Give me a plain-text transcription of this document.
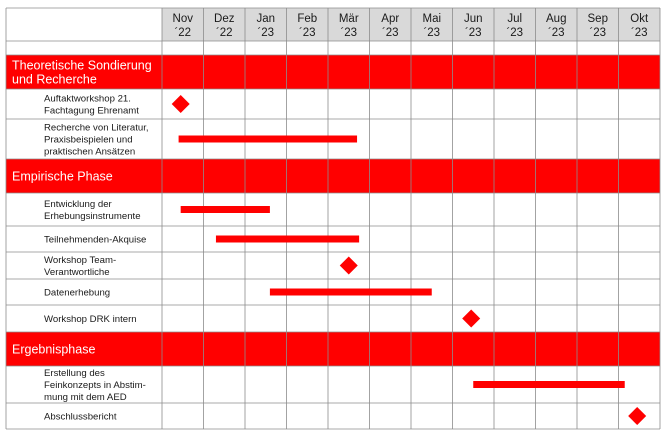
Nov
´22
Dez
´22
Jan
´23
Feb
´23
Mär
´23
Apr
´23
Mai
´23
Jun
´23
Jul
´23
Aug
´23
Sep
´23
Okt
´23
Theoretische Sondierung
und Recherche
Auftaktworkshop 21.
Fachtagung Ehrenamt
Recherche von Literatur,
Praxisbeispielen und
praktischen Ansätzen
Empirische Phase
Entwicklung der
Erhebungsinstrumente
Teilnehmenden-Akquise
Workshop Team-
Verantwortliche
Datenerhebung
Workshop DRK intern
Ergebnisphase
Erstellung des
Feinkonzepts in Abstim-
mung mit dem AED
Abschlussbericht
